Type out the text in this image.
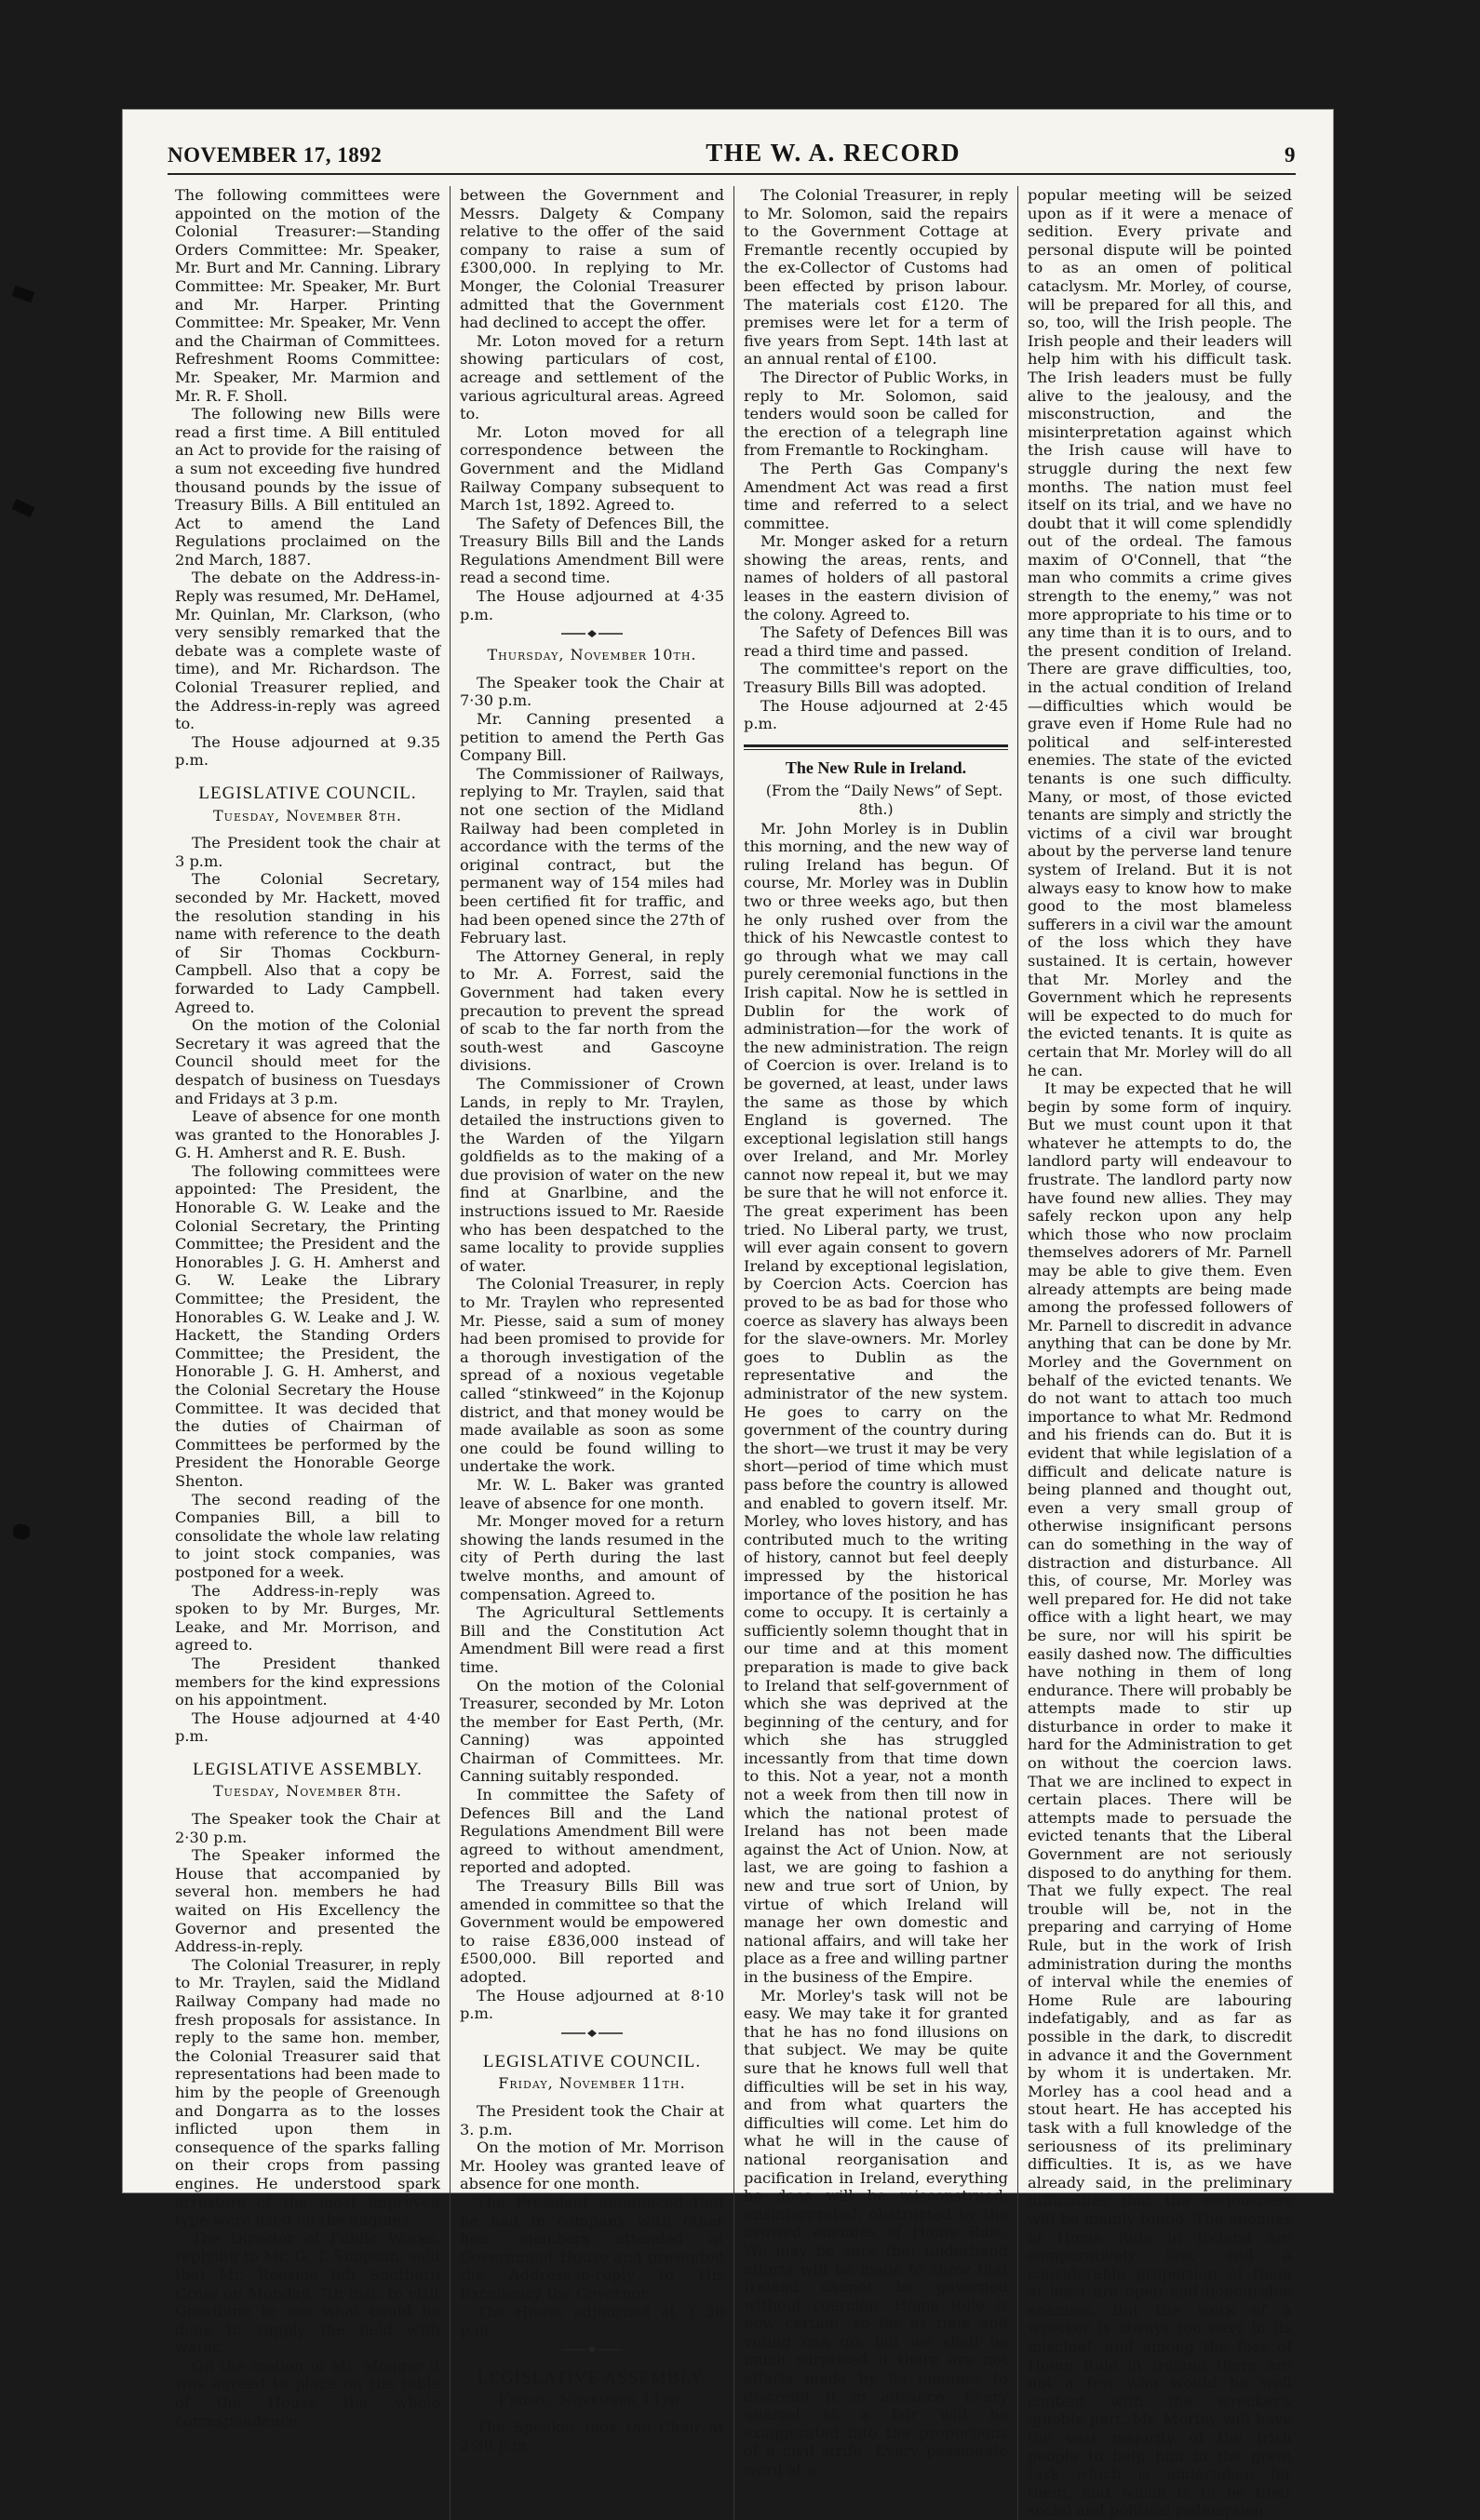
NOVEMBER 17, 1892	THE W. A. RECORD	9

The following committees were appointed on the motion of the Colonial Treasurer:—Standing Orders Committee: Mr. Speaker, Mr. Burt and Mr. Canning. Library Committee: Mr. Speaker, Mr. Burt and Mr. Harper. Printing Committee: Mr. Speaker, Mr. Venn and the Chairman of Committees. Refreshment Rooms Committee: Mr. Speaker, Mr. Marmion and Mr. R. F. Sholl.

The following new Bills were read a first time. A Bill entituled an Act to provide for the raising of a sum not exceeding five hundred thousand pounds by the issue of Treasury Bills. A Bill entituled an Act to amend the Land Regulations proclaimed on the 2nd March, 1887.

The debate on the Address-in-Reply was resumed, Mr. DeHamel, Mr. Quinlan, Mr. Clarkson, (who very sensibly remarked that the debate was a complete waste of time), and Mr. Richardson. The Colonial Treasurer replied, and the Address-in-reply was agreed to.

The House adjourned at 9.35 p.m.

LEGISLATIVE COUNCIL.
Tuesday, November 8th.

The President took the chair at 3 p.m.

The Colonial Secretary, seconded by Mr. Hackett, moved the resolution standing in his name with reference to the death of Sir Thomas Cockburn-Campbell. Also that a copy be forwarded to Lady Campbell. Agreed to.

On the motion of the Colonial Secretary it was agreed that the Council should meet for the despatch of business on Tuesdays and Fridays at 3 p.m.

Leave of absence for one month was granted to the Honorables J. G. H. Amherst and R. E. Bush.

The following committees were appointed: The President, the Honorable G. W. Leake and the Colonial Secretary, the Printing Committee; the President and the Honorables J. G. H. Amherst and G. W. Leake the Library Committee; the President, the Honorables G. W. Leake and J. W. Hackett, the Standing Orders Committee; the President, the Honorable J. G. H. Amherst, and the Colonial Secretary the House Committee. It was decided that the duties of Chairman of Committees be performed by the President the Honorable George Shenton.

The second reading of the Companies Bill, a bill to consolidate the whole law relating to joint stock companies, was postponed for a week.

The Address-in-reply was spoken to by Mr. Burges, Mr. Leake, and Mr. Morrison, and agreed to.

The President thanked members for the kind expressions on his appointment.

The House adjourned at 4·40 p.m.

LEGISLATIVE ASSEMBLY.
Tuesday, November 8th.

The Speaker took the Chair at 2·30 p.m.

The Speaker informed the House that accompanied by several hon. members he had waited on His Excellency the Governor and presented the Address-in-reply.

The Colonial Treasurer, in reply to Mr. Traylen, said the Midland Railway Company had made no fresh proposals for assistance. In reply to the same hon. member, the Colonial Treasurer said that representations had been made to him by the people of Greenough and Dongarra as to the losses inflicted upon them in consequence of the sparks falling on their crops from passing engines. He understood spark arresters of the most improved type were used on the engines.

The Director of Public Works, replying to Mr. G. T. Simpson, said that Mr. Raeside left Southern Cross on Monday, 7th inst. to visit Gnarlbine to see what could be done to supply the field with water.

On the motion of Mr. Monger it was agreed to place on the table of the House the whole correspondence

between the Government and Messrs. Dalgety & Company relative to the offer of the said company to raise a sum of £300,000. In replying to Mr. Monger, the Colonial Treasurer admitted that the Government had declined to accept the offer.

Mr. Loton moved for a return showing particulars of cost, acreage and settlement of the various agricultural areas. Agreed to.

Mr. Loton moved for all correspondence between the Government and the Midland Railway Company subsequent to March 1st, 1892. Agreed to.

The Safety of Defences Bill, the Treasury Bills Bill and the Lands Regulations Amendment Bill were read a second time.

The House adjourned at 4·35 p.m.

Thursday, November 10th.

The Speaker took the Chair at 7·30 p.m.

Mr. Canning presented a petition to amend the Perth Gas Company Bill.

The Commissioner of Railways, replying to Mr. Traylen, said that not one section of the Midland Railway had been completed in accordance with the terms of the original contract, but the permanent way of 154 miles had been certified fit for traffic, and had been opened since the 27th of February last.

The Attorney General, in reply to Mr. A. Forrest, said the Government had taken every precaution to prevent the spread of scab to the far north from the south-west and Gascoyne divisions.

The Commissioner of Crown Lands, in reply to Mr. Traylen, detailed the instructions given to the Warden of the Yilgarn goldfields as to the making of a due provision of water on the new find at Gnarlbine, and the instructions issued to Mr. Raeside who has been despatched to the same locality to provide supplies of water.

The Colonial Treasurer, in reply to Mr. Traylen who represented Mr. Piesse, said a sum of money had been promised to provide for a thorough investigation of the spread of a noxious vegetable called “stinkweed” in the Kojonup district, and that money would be made available as soon as some one could be found willing to undertake the work.

Mr. W. L. Baker was granted leave of absence for one month.

Mr. Monger moved for a return showing the lands resumed in the city of Perth during the last twelve months, and amount of compensation. Agreed to.

The Agricultural Settlements Bill and the Constitution Act Amendment Bill were read a first time.

On the motion of the Colonial Treasurer, seconded by Mr. Loton the member for East Perth, (Mr. Canning) was appointed Chairman of Committees. Mr. Canning suitably responded.

In committee the Safety of Defences Bill and the Land Regulations Amendment Bill were agreed to without amendment, reported and adopted.

The Treasury Bills Bill was amended in committee so that the Government would be empowered to raise £836,000 instead of £500,000. Bill reported and adopted.

The House adjourned at 8·10 p.m.

LEGISLATIVE COUNCIL.
Friday, November 11th.

The President took the Chair at 3. p.m.

On the motion of Mr. Morrison Mr. Hooley was granted leave of absence for one month.

The President announced that he had in company with other hon. members attended at Government House and presented the Address-in-reply to His Excellency the Governor.

The House adjourned at 3 30 p.m.

LEGISLATIVE ASSEMBLY.
Friday, November 11th.

The Speaker took the Chair at 2·30 p.m.

The Colonial Treasurer, in reply to Mr. Solomon, said the repairs to the Government Cottage at Fremantle recently occupied by the ex-Collector of Customs had been effected by prison labour. The materials cost £120. The premises were let for a term of five years from Sept. 14th last at an annual rental of £100.

The Director of Public Works, in reply to Mr. Solomon, said tenders would soon be called for the erection of a telegraph line from Fremantle to Rockingham.

The Perth Gas Company's Amendment Act was read a first time and referred to a select committee.

Mr. Monger asked for a return showing the areas, rents, and names of holders of all pastoral leases in the eastern division of the colony. Agreed to.

The Safety of Defences Bill was read a third time and passed.

The committee's report on the Treasury Bills Bill was adopted.

The House adjourned at 2·45 p.m.

The New Rule in Ireland.

(From the “Daily News” of Sept. 8th.)

Mr. John Morley is in Dublin this morning, and the new way of ruling Ireland has begun. Of course, Mr. Morley was in Dublin two or three weeks ago, but then he only rushed over from the thick of his Newcastle contest to go through what we may call purely ceremonial functions in the Irish capital. Now he is settled in Dublin for the work of administration—for the work of the new administration. The reign of Coercion is over. Ireland is to be governed, at least, under laws the same as those by which England is governed. The exceptional legislation still hangs over Ireland, and Mr. Morley cannot now repeal it, but we may be sure that he will not enforce it. The great experiment has been tried. No Liberal party, we trust, will ever again consent to govern Ireland by exceptional legislation, by Coercion Acts. Coercion has proved to be as bad for those who coerce as slavery has always been for the slave-owners. Mr. Morley goes to Dublin as the representative and the administrator of the new system. He goes to carry on the government of the country during the short—we trust it may be very short—period of time which must pass before the country is allowed and enabled to govern itself. Mr. Morley, who loves history, and has contributed much to the writing of history, cannot but feel deeply impressed by the historical importance of the position he has come to occupy. It is certainly a sufficiently solemn thought that in our time and at this moment preparation is made to give back to Ireland that self-government of which she was deprived at the beginning of the century, and for which she has struggled incessantly from that time down to this. Not a year, not a month not a week from then till now in which the national protest of Ireland has not been made against the Act of Union. Now, at last, we are going to fashion a new and true sort of Union, by virtue of which Ireland will manage her own domestic and national affairs, and will take her place as a free and willing partner in the business of the Empire.

Mr. Morley's task will not be easy. We may take it for granted that he has no fond illusions on that subject. We may be quite sure that he knows full well that difficulties will be set in his way, and from what quarters the difficulties will come. Let him do what he will in the cause of national reorganisation and pacification in Ireland, everything he does will be misconstrued, misinterpreted, obstructed by the avowed enemies of Home Rule. We may be sure that underhand efforts will be made to show that Ireland cannot be governed without coercion. Home Rule is now certain, so far as time and voting can go; but we shall be much surprised if there are not efforts made by its enemies to discredit it in advance. Every quarrel at a fair will be exaggerated into the proportions of a civil strife. Every passionate word at a

popular meeting will be seized upon as if it were a menace of sedition. Every private and personal dispute will be pointed to as an omen of political cataclysm. Mr. Morley, of course, will be prepared for all this, and so, too, will the Irish people. The Irish people and their leaders will help him with his difficult task. The Irish leaders must be fully alive to the jealousy, and the misconstruction, and the misinterpretation against which the Irish cause will have to struggle during the next few months. The nation must feel itself on its trial, and we have no doubt that it will come splendidly out of the ordeal. The famous maxim of O'Connell, that “the man who commits a crime gives strength to the enemy,” was not more appropriate to his time or to any time than it is to ours, and to the present condition of Ireland. There are grave difficulties, too, in the actual condition of Ireland—difficulties which would be grave even if Home Rule had no political and self-interested enemies. The state of the evicted tenants is one such difficulty. Many, or most, of those evicted tenants are simply and strictly the victims of a civil war brought about by the perverse land tenure system of Ireland. But it is not always easy to know how to make good to the most blameless sufferers in a civil war the amount of the loss which they have sustained. It is certain, however that Mr. Morley and the Government which he represents will be expected to do much for the evicted tenants. It is quite as certain that Mr. Morley will do all he can.

It may be expected that he will begin by some form of inquiry. But we must count upon it that whatever he attempts to do, the landlord party will endeavour to frustrate. The landlord party now have found new allies. They may safely reckon upon any help which those who now proclaim themselves adorers of Mr. Parnell may be able to give them. Even already attempts are being made among the professed followers of Mr. Parnell to discredit in advance anything that can be done by Mr. Morley and the Government on behalf of the evicted tenants. We do not want to attach too much importance to what Mr. Redmond and his friends can do. But it is evident that while legislation of a difficult and delicate nature is being planned and thought out, even a very small group of otherwise insignificant persons can do something in the way of distraction and disturbance. All this, of course, Mr. Morley was well prepared for. He did not take office with a light heart, we may be sure, nor will his spirit be easily dashed now. The difficulties have nothing in them of long endurance. There will probably be attempts made to stir up disturbance in order to make it hard for the Administration to get on without the coercion laws. That we are inclined to expect in certain places. There will be attempts made to persuade the evicted tenants that the Liberal Government are not seriously disposed to do anything for them. That we fully expect. The real trouble will be, not in the preparing and carrying of Home Rule, but in the work of Irish administration during the months of interval while the enemies of Home Rule are labouring indefatigably, and as far as possible in the dark, to discredit in advance it and the Government by whom it is undertaken. Mr. Morley has a cool head and a stout heart. He has accepted his task with a full knowledge of the seriousness of its preliminary difficulties. It is, as we have already said, in the preliminary difficulties that the seriousness will be mainly found. The enemies of Home Rule in Ireland are comparatively few, and a considerable proportion of them at least are open and honourable enemies. But the work of a wrecker is always too easy in its mischief, and among the foes of Home Rule in Ireland there are not a few who would be well content with the wrecker's ignoble part. Mr. Morley will have the vast majority of the Irish people to help him in the great task which is undertaken for them, and which is to be their social and political redemption.
